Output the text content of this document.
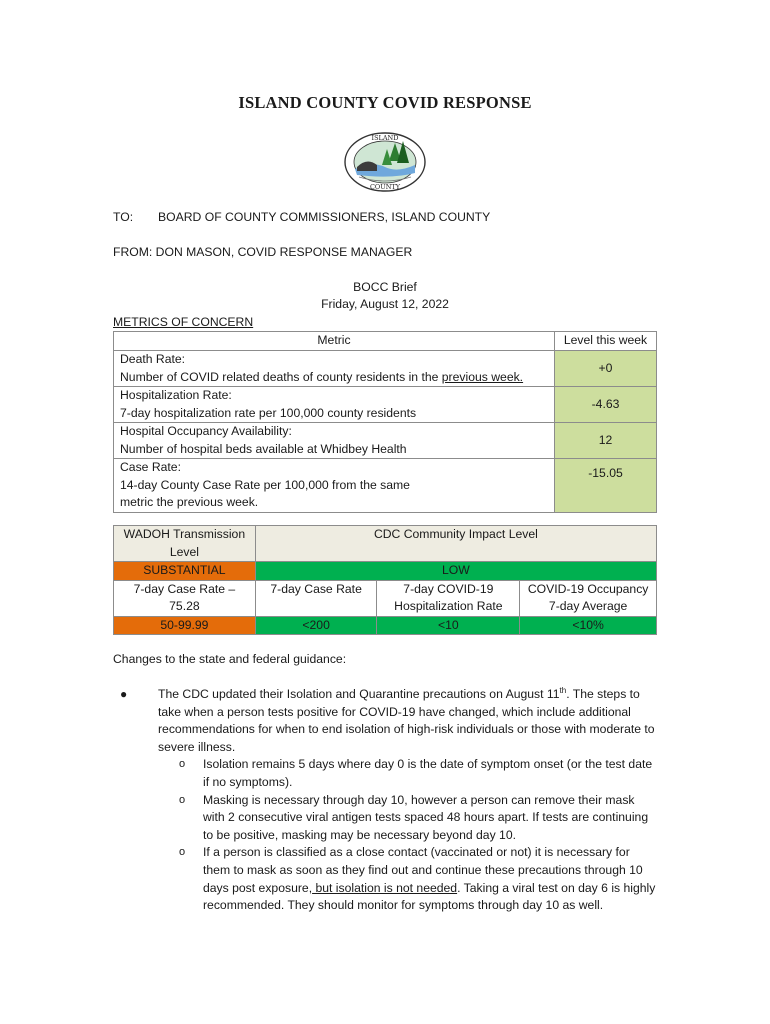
ISLAND COUNTY COVID RESPONSE
ISLAND
COUNTY
TO: BOARD OF COUNTY COMMISSIONERS, ISLAND COUNTY
FROM: DON MASON, COVID RESPONSE MANAGER
BOCC Brief
Friday, August 12, 2022
METRICS OF CONCERN
Metric	Level this week

Death Rate:
Number of COVID related deaths of county residents in the previous week.	+0

Hospitalization Rate:
7-day hospitalization rate per 100,000 county residents	-4.63

Hospital Occupancy Availability:
Number of hospital beds available at Whidbey Health	12

Case Rate:
14-day County Case Rate per 100,000 from the same metric the previous week.	-15.05
WADOH Transmission Level	CDC Community Impact Level		
SUBSTANTIAL	LOW		
7-day Case Rate – 75.28	7-day Case Rate	7-day COVID-19 Hospitalization Rate	COVID-19 Occupancy 7-day Average
50-99.99	<200	<10	<10%
Changes to the state and federal guidance:
●	The CDC updated their Isolation and Quarantine precautions on August 11th. The steps to take when a person tests positive for COVID-19 have changed, which include additional recommendations for when to end isolation of high-risk individuals or those with moderate to severe illness.
o Isolation remains 5 days where day 0 is the date of symptom onset (or the test date if no symptoms).
o Masking is necessary through day 10, however a person can remove their mask with 2 consecutive viral antigen tests spaced 48 hours apart. If tests are continuing to be positive, masking may be necessary beyond day 10.
o If a person is classified as a close contact (vaccinated or not) it is necessary for them to mask as soon as they find out and continue these precautions through 10 days post exposure, but isolation is not needed. Taking a viral test on day 6 is highly recommended. They should monitor for symptoms through day 10 as well.
